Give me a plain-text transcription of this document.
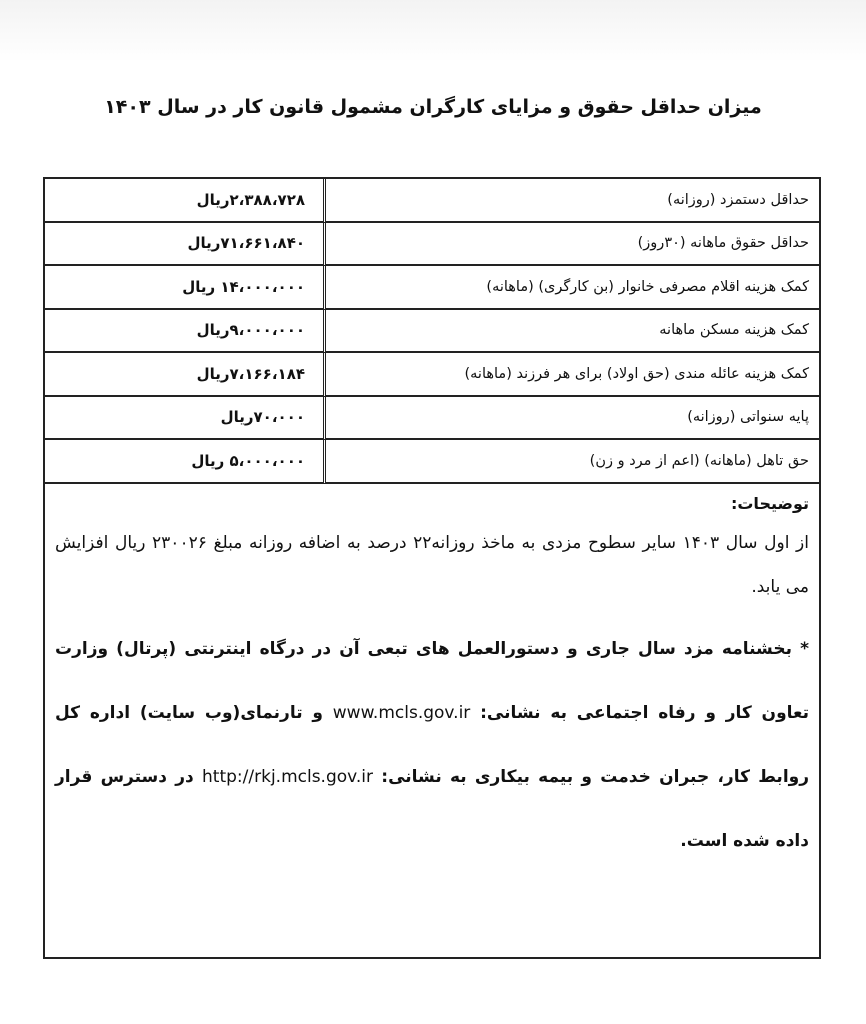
میزان حداقل حقوق و مزایای کارگران مشمول قانون کار در سال ۱۴۰۳
حداقل دستمزد (روزانه)	۲،۳۸۸،۷۲۸ریال
حداقل حقوق ماهانه (۳۰روز)	۷۱،۶۶۱،۸۴۰ریال
کمک هزینه اقلام مصرفی خانوار (بن کارگری) (ماهانه)	۱۴،۰۰۰،۰۰۰ ریال
کمک هزینه مسکن ماهانه	۹،۰۰۰،۰۰۰ریال
کمک هزینه عائله مندی (حق اولاد) برای هر فرزند (ماهانه)	۷،۱۶۶،۱۸۴ریال
پایه سنواتی (روزانه)	۷۰،۰۰۰ریال
حق تاهل (ماهانه) (اعم از مرد و زن)	۵،۰۰۰،۰۰۰ ریال
توضیحات:

از اول سال ۱۴۰۳ سایر سطوح مزدی به ماخذ روزانه۲۲ درصد به اضافه روزانه مبلغ ۲۳۰۰۲۶ ریال افزایش می یابد.

* بخشنامه مزد سال جاری و دستورالعمل های تبعی آن در درگاه اینترنتی (پرتال) وزارت تعاون کار و رفاه اجتماعی به نشانی: www.mcls.gov.ir و تارنمای(وب سایت) اداره کل روابط کار، جبران خدمت و بیمه بیکاری به نشانی: http://rkj.mcls.gov.ir در دسترس قرار داده شده است.
